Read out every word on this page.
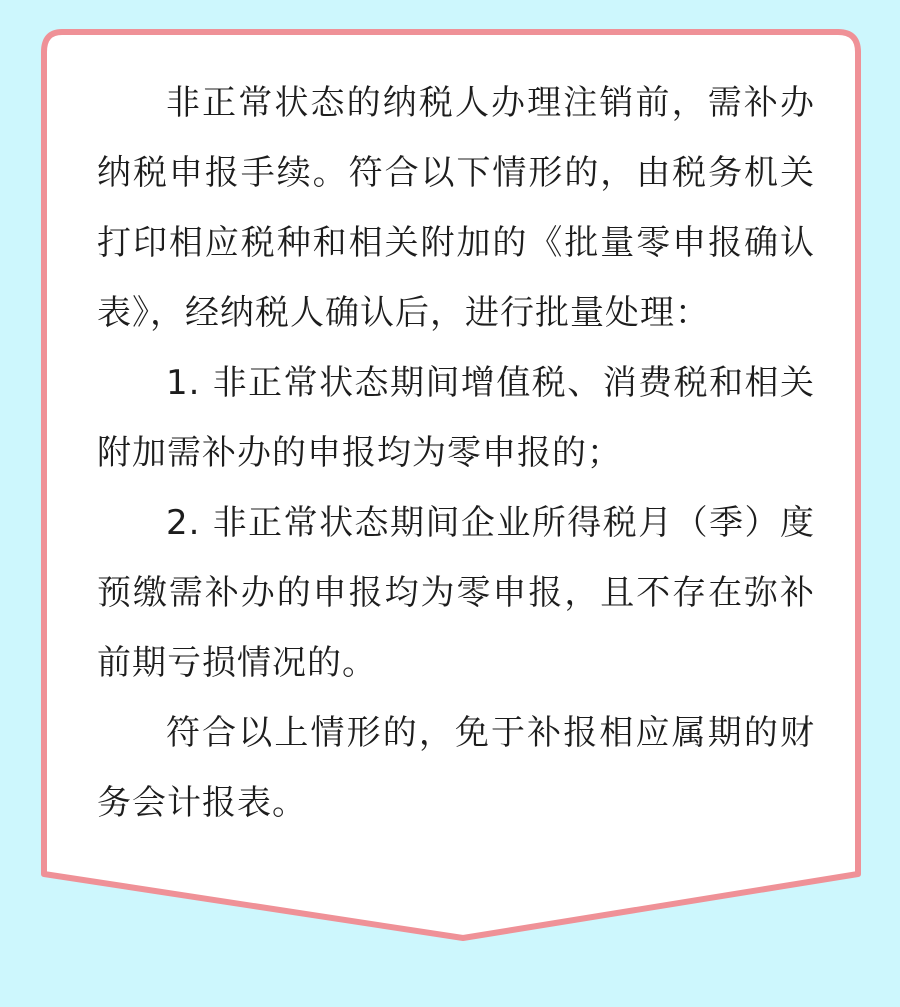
非正常状态的纳税人办理注销前，需补办纳税申报手续。符合以下情形的，由税务机关打印相应税种和相关附加的《批量零申报确认表》，经纳税人确认后，进行批量处理：

1. 非正常状态期间增值税、消费税和相关附加需补办的申报均为零申报的；

2. 非正常状态期间企业所得税月（季）度预缴需补办的申报均为零申报，且不存在弥补前期亏损情况的。

符合以上情形的，免于补报相应属期的财务会计报表。
